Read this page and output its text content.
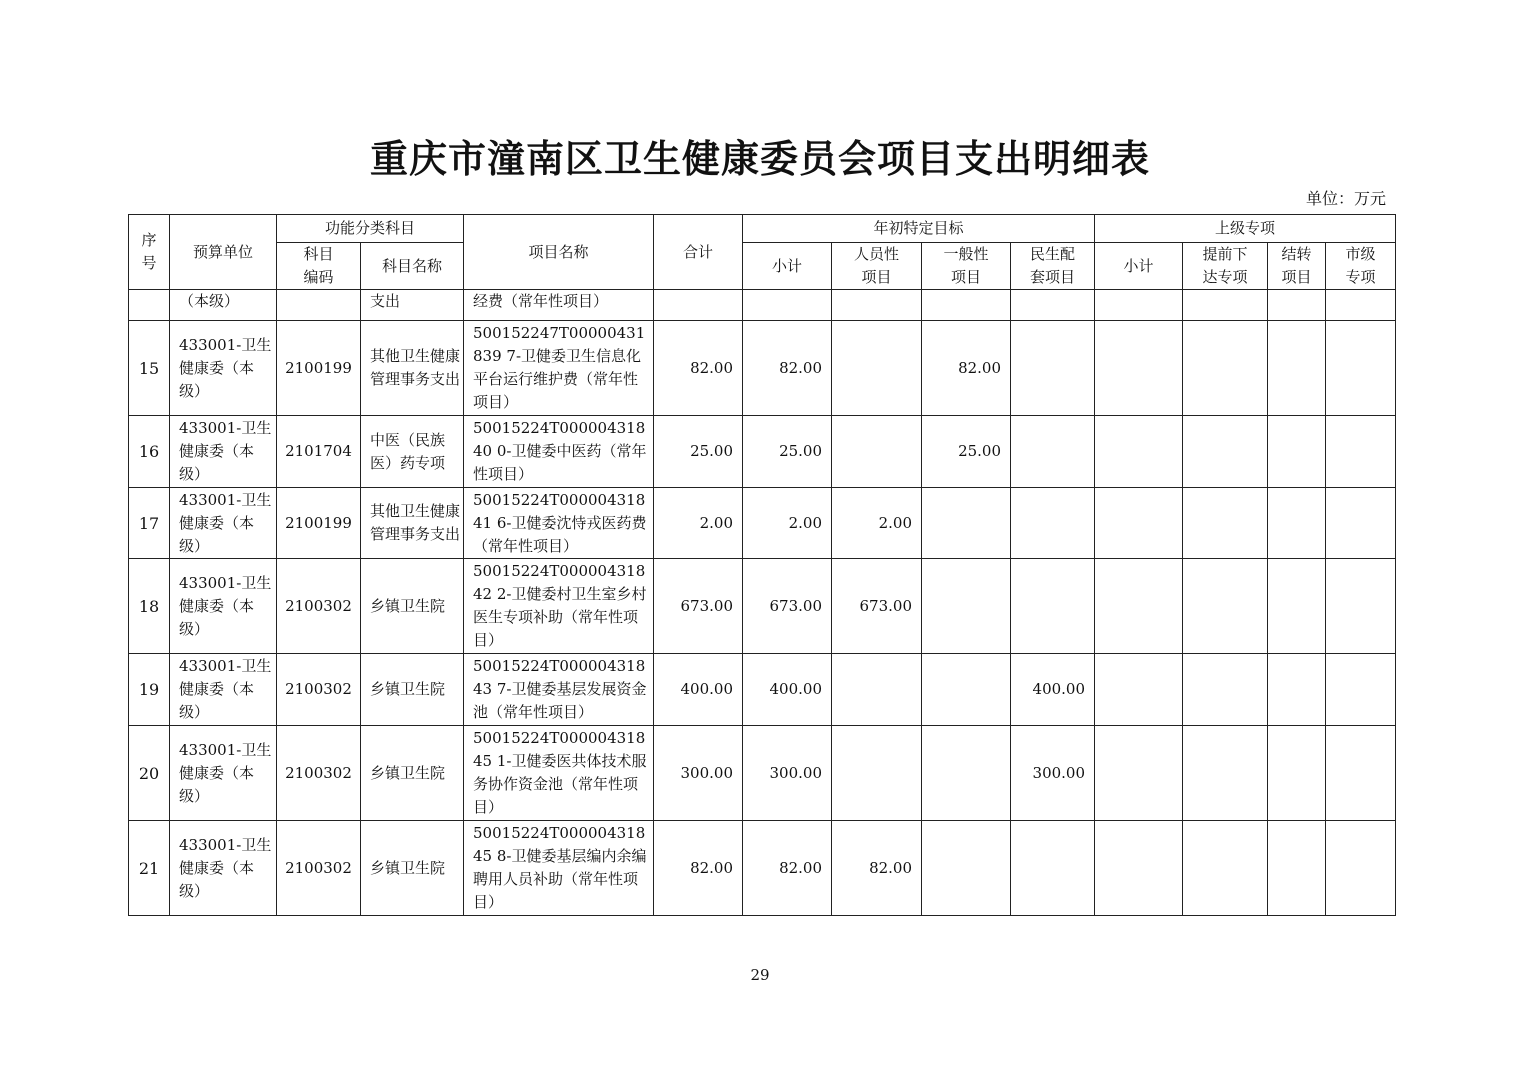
重庆市潼南区卫生健康委员会项目支出明细表
单位：万元
序号	预算单位	功能分类科目		项目名称	合计	年初特定目标				上级专项			
		科目编码	科目名称			小计	人员性项目	一般性项目	民生配套项目	小计	提前下达专项	结转项目	市级专项
	（本级）		支出	经费（常年性项目）									
15	433001-卫生健康委（本级）	2100199	其他卫生健康管理事务支出	500152247T00000431839 7-卫健委卫生信息化平台运行维护费（常年性项目）	82.00	82.00		82.00					
16	433001-卫生健康委（本级）	2101704	中医（民族医）药专项	50015224T00000431840 0-卫健委中医药（常年性项目）	25.00	25.00		25.00					
17	433001-卫生健康委（本级）	2100199	其他卫生健康管理事务支出	50015224T00000431841 6-卫健委沈恃戎医药费（常年性项目）	2.00	2.00	2.00						
18	433001-卫生健康委（本级）	2100302	乡镇卫生院	50015224T00000431842 2-卫健委村卫生室乡村医生专项补助（常年性项目）	673.00	673.00	673.00						
19	433001-卫生健康委（本级）	2100302	乡镇卫生院	50015224T00000431843 7-卫健委基层发展资金池（常年性项目）	400.00	400.00			400.00				
20	433001-卫生健康委（本级）	2100302	乡镇卫生院	50015224T00000431845 1-卫健委医共体技术服务协作资金池（常年性项目）	300.00	300.00			300.00				
21	433001-卫生健康委（本级）	2100302	乡镇卫生院	50015224T00000431845 8-卫健委基层编内余编聘用人员补助（常年性项目）	82.00	82.00	82.00						
29
